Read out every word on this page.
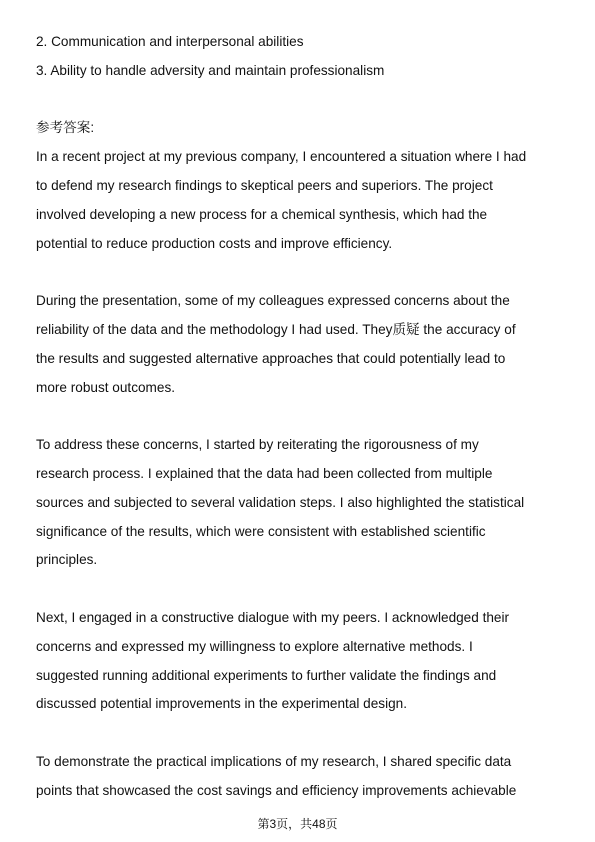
2. Communication and interpersonal abilities
3. Ability to handle adversity and maintain professionalism
参考答案:
In a recent project at my previous company, I encountered a situation where I had
to defend my research findings to skeptical peers and superiors. The project
involved developing a new process for a chemical synthesis, which had the
potential to reduce production costs and improve efficiency.
During the presentation, some of my colleagues expressed concerns about the
reliability of the data and the methodology I had used. They质疑 the accuracy of
the results and suggested alternative approaches that could potentially lead to
more robust outcomes.
To address these concerns, I started by reiterating the rigorousness of my
research process. I explained that the data had been collected from multiple
sources and subjected to several validation steps. I also highlighted the statistical
significance of the results, which were consistent with established scientific
principles.
Next, I engaged in a constructive dialogue with my peers. I acknowledged their
concerns and expressed my willingness to explore alternative methods. I
suggested running additional experiments to further validate the findings and
discussed potential improvements in the experimental design.
To demonstrate the practical implications of my research, I shared specific data
points that showcased the cost savings and efficiency improvements achievable
第3页，共48页
